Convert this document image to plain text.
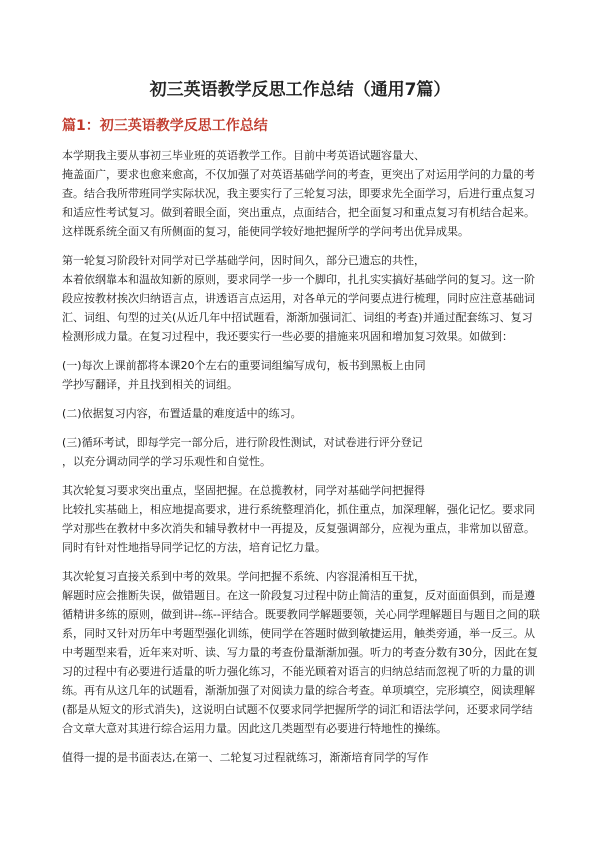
初三英语教学反思工作总结（通用7篇）
篇1：初三英语教学反思工作总结

本学期我主要从事初三毕业班的英语教学工作。目前中考英语试题容量大、
掩盖面广，要求也愈来愈高，不仅加强了对英语基础学问的考查，更突出了对运用学问的力量的考查。结合我所带班同学实际状况，我主要实行了三轮复习法，即要求先全面学习，后进行重点复习和适应性考试复习。做到着眼全面，突出重点，点面结合，把全面复习和重点复习有机结合起来。这样既系统全面又有所侧面的复习，能使同学较好地把握所学的学问考出优异成果。

第一轮复习阶段针对同学对已学基础学问，因时间久，部分已遗忘的共性，
本着依纲靠本和温故知新的原则，要求同学一步一个脚印，扎扎实实搞好基础学问的复习。这一阶段应按教材挨次归纳语言点，讲透语言点运用，对各单元的学问要点进行梳理，同时应注意基础词汇、词组、句型的过关(从近几年中招试题看，渐渐加强词汇、词组的考查)并通过配套练习、复习检测形成力量。在复习过程中，我还要实行一些必要的措施来巩固和增加复习效果。如做到：

(一)每次上课前都将本课20个左右的重要词组编写成句，板书到黑板上由同
学抄写翻译，并且找到相关的词组。

(二)依据复习内容，布置适量的难度适中的练习。

(三)循环考试，即每学完一部分后，进行阶段性测试，对试卷进行评分登记
，以充分调动同学的学习乐观性和自觉性。

其次轮复习要求突出重点，坚固把握。在总揽教材，同学对基础学问把握得
比较扎实基础上，相应地提高要求，进行系统整理消化，抓住重点，加深理解，强化记忆。要求同学对那些在教材中多次消失和辅导教材中一再提及，反复强调部分，应视为重点，非常加以留意。同时有针对性地指导同学记忆的方法，培育记忆力量。

其次轮复习直接关系到中考的效果。学问把握不系统、内容混淆相互干扰，
解题时应会推断失误，做错题目。在这一阶段复习过程中防止简洁的重复，反对面面俱到，而是遵循精讲多练的原则，做到讲--练--评结合。既要教同学解题要领，关心同学理解题目与题目之间的联系，同时又针对历年中考题型强化训练，使同学在答题时做到敏捷运用，触类旁通，举一反三。从中考题型来看，近年来对听、读、写力量的考查份量渐渐加强。听力的考查分数有30分，因此在复习的过程中有必要进行适量的听力强化练习，不能光顾着对语言的归纳总结而忽视了听的力量的训练。再有从这几年的试题看，渐渐加强了对阅读力量的综合考查。单项填空，完形填空，阅读理解(都是从短文的形式消失)，这说明白试题不仅要求同学把握所学的词汇和语法学问，还要求同学结合文章大意对其进行综合运用力量。因此这几类题型有必要进行特地性的操练。

值得一提的是书面表达,在第一、二轮复习过程就练习，渐渐培育同学的写作
